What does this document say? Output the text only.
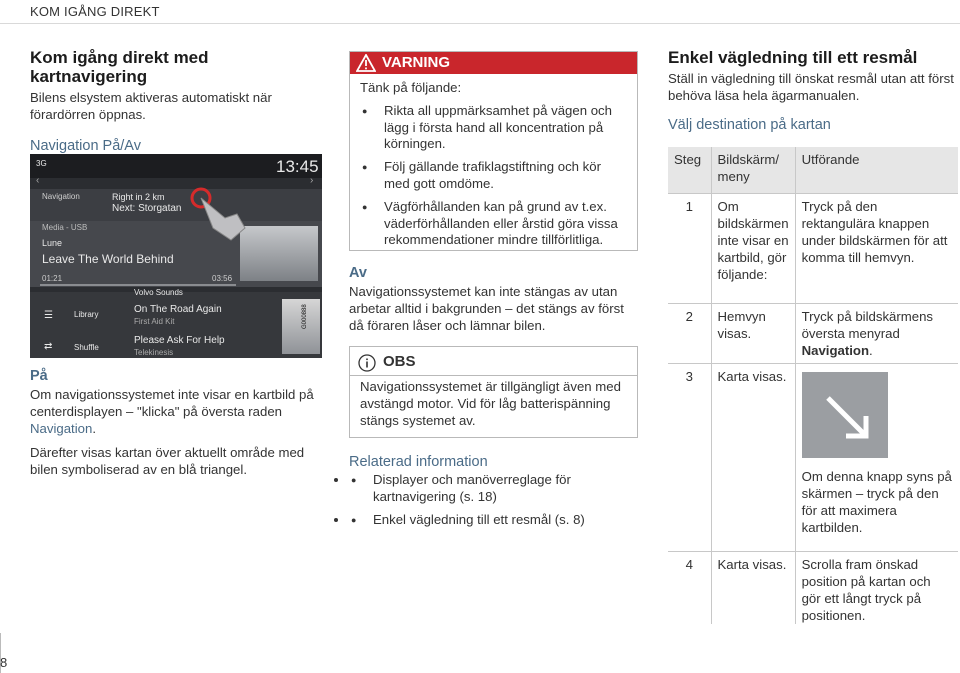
KOM IGÅNG DIREKT
Kom igång direkt med kartnavigering

Bilens elsystem aktiveras automatiskt när förardörren öppnas.

Navigation På/Av
3G	13:45
‹	›
Navigation	Right in 2 km
Next: Storgatan
Media - USB
Lune
Leave The World Behind
01:21	03:56
Volvo Sounds
☰	Library
⇄	Shuffle
On The Road Again
First Aid Kit
Please Ask For Help
Telekinesis
G000888
På

Om navigationssystemet inte visar en kartbild på centerdisplayen – "klicka" på översta raden Navigation.

Därefter visas kartan över aktuellt område med bilen symboliserad av en blå triangel.

VARNING

Tänk på följande:

● Rikta all uppmärksamhet på vägen och lägg i första hand all koncentration på körningen.
● Följ gällande trafiklagstiftning och kör med gott omdöme.
● Vägförhållanden kan på grund av t.ex. väderförhållanden eller årstid göra vissa rekommendationer mindre tillförlitliga.
Av

Navigationssystemet kan inte stängas av utan arbetar alltid i bakgrunden – det stängs av först då föraren låser och lämnar bilen.

OBS

Navigationssystemet är tillgängligt även med avstängd motor. Vid för låg batterispänning stängs systemet av.

Relaterad information
● • Displayer och manöverreglage för kartnavigering (s. 18)
● • Enkel vägledning till ett resmål (s. 8)
Enkel vägledning till ett resmål

Ställ in vägledning till önskat resmål utan att först behöva läsa hela ägarmanualen.

Välj destination på kartan
Steg	Bildskärm/ meny	Utförande
1	Om bildskärmen inte visar en kartbild, gör följande:	Tryck på den rektangulära knappen under bildskärmen för att komma till hemvyn.
2	Hemvyn visas.	Tryck på bildskärmens översta menyrad Navigation.
3	Karta visas.	Om denna knapp syns på skärmen – tryck på den för att maximera kartbilden.

4	Karta visas.	Scrolla fram önskad position på kartan och gör ett långt tryck på positionen.
8
